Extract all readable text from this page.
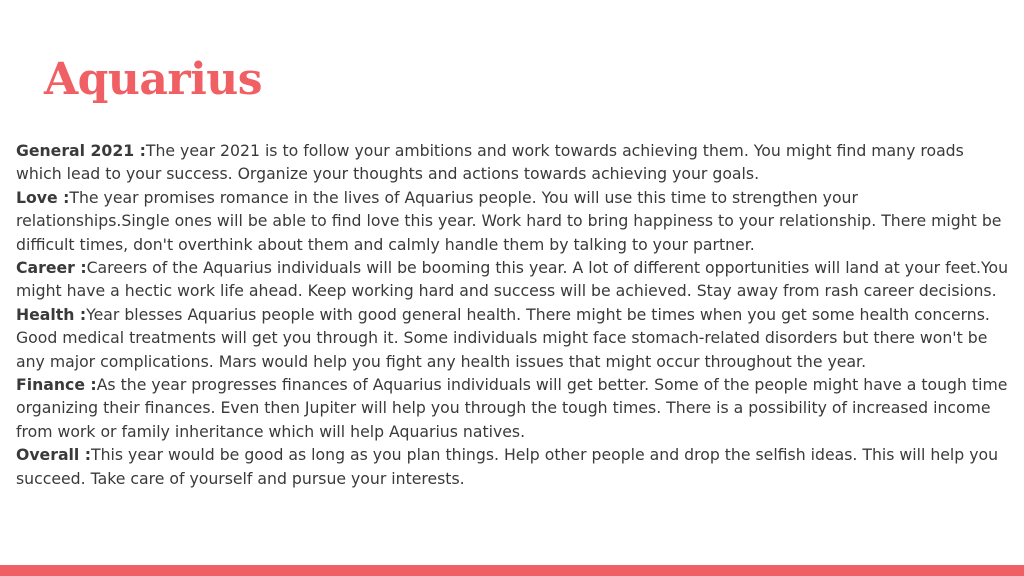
Aquarius

General 2021 :The year 2021 is to follow your ambitions and work towards achieving them. You might find many roads which lead to your success. Organize your thoughts and actions towards achieving your goals.

Love :The year promises romance in the lives of Aquarius people. You will use this time to strengthen your relationships.Single ones will be able to find love this year. Work hard to bring happiness to your relationship. There might be difficult times, don't overthink about them and calmly handle them by talking to your partner.

Career :Careers of the Aquarius individuals will be booming this year. A lot of different opportunities will land at your feet.You might have a hectic work life ahead. Keep working hard and success will be achieved. Stay away from rash career decisions.

Health :Year blesses Aquarius people with good general health. There might be times when you get some health concerns. Good medical treatments will get you through it. Some individuals might face stomach-related disorders but there won't be any major complications. Mars would help you fight any health issues that might occur throughout the year.

Finance :As the year progresses finances of Aquarius individuals will get better. Some of the people might have a tough time organizing their finances. Even then Jupiter will help you through the tough times. There is a possibility of increased income from work or family inheritance which will help Aquarius natives.

Overall :This year would be good as long as you plan things. Help other people and drop the selfish ideas. This will help you succeed. Take care of yourself and pursue your interests.
